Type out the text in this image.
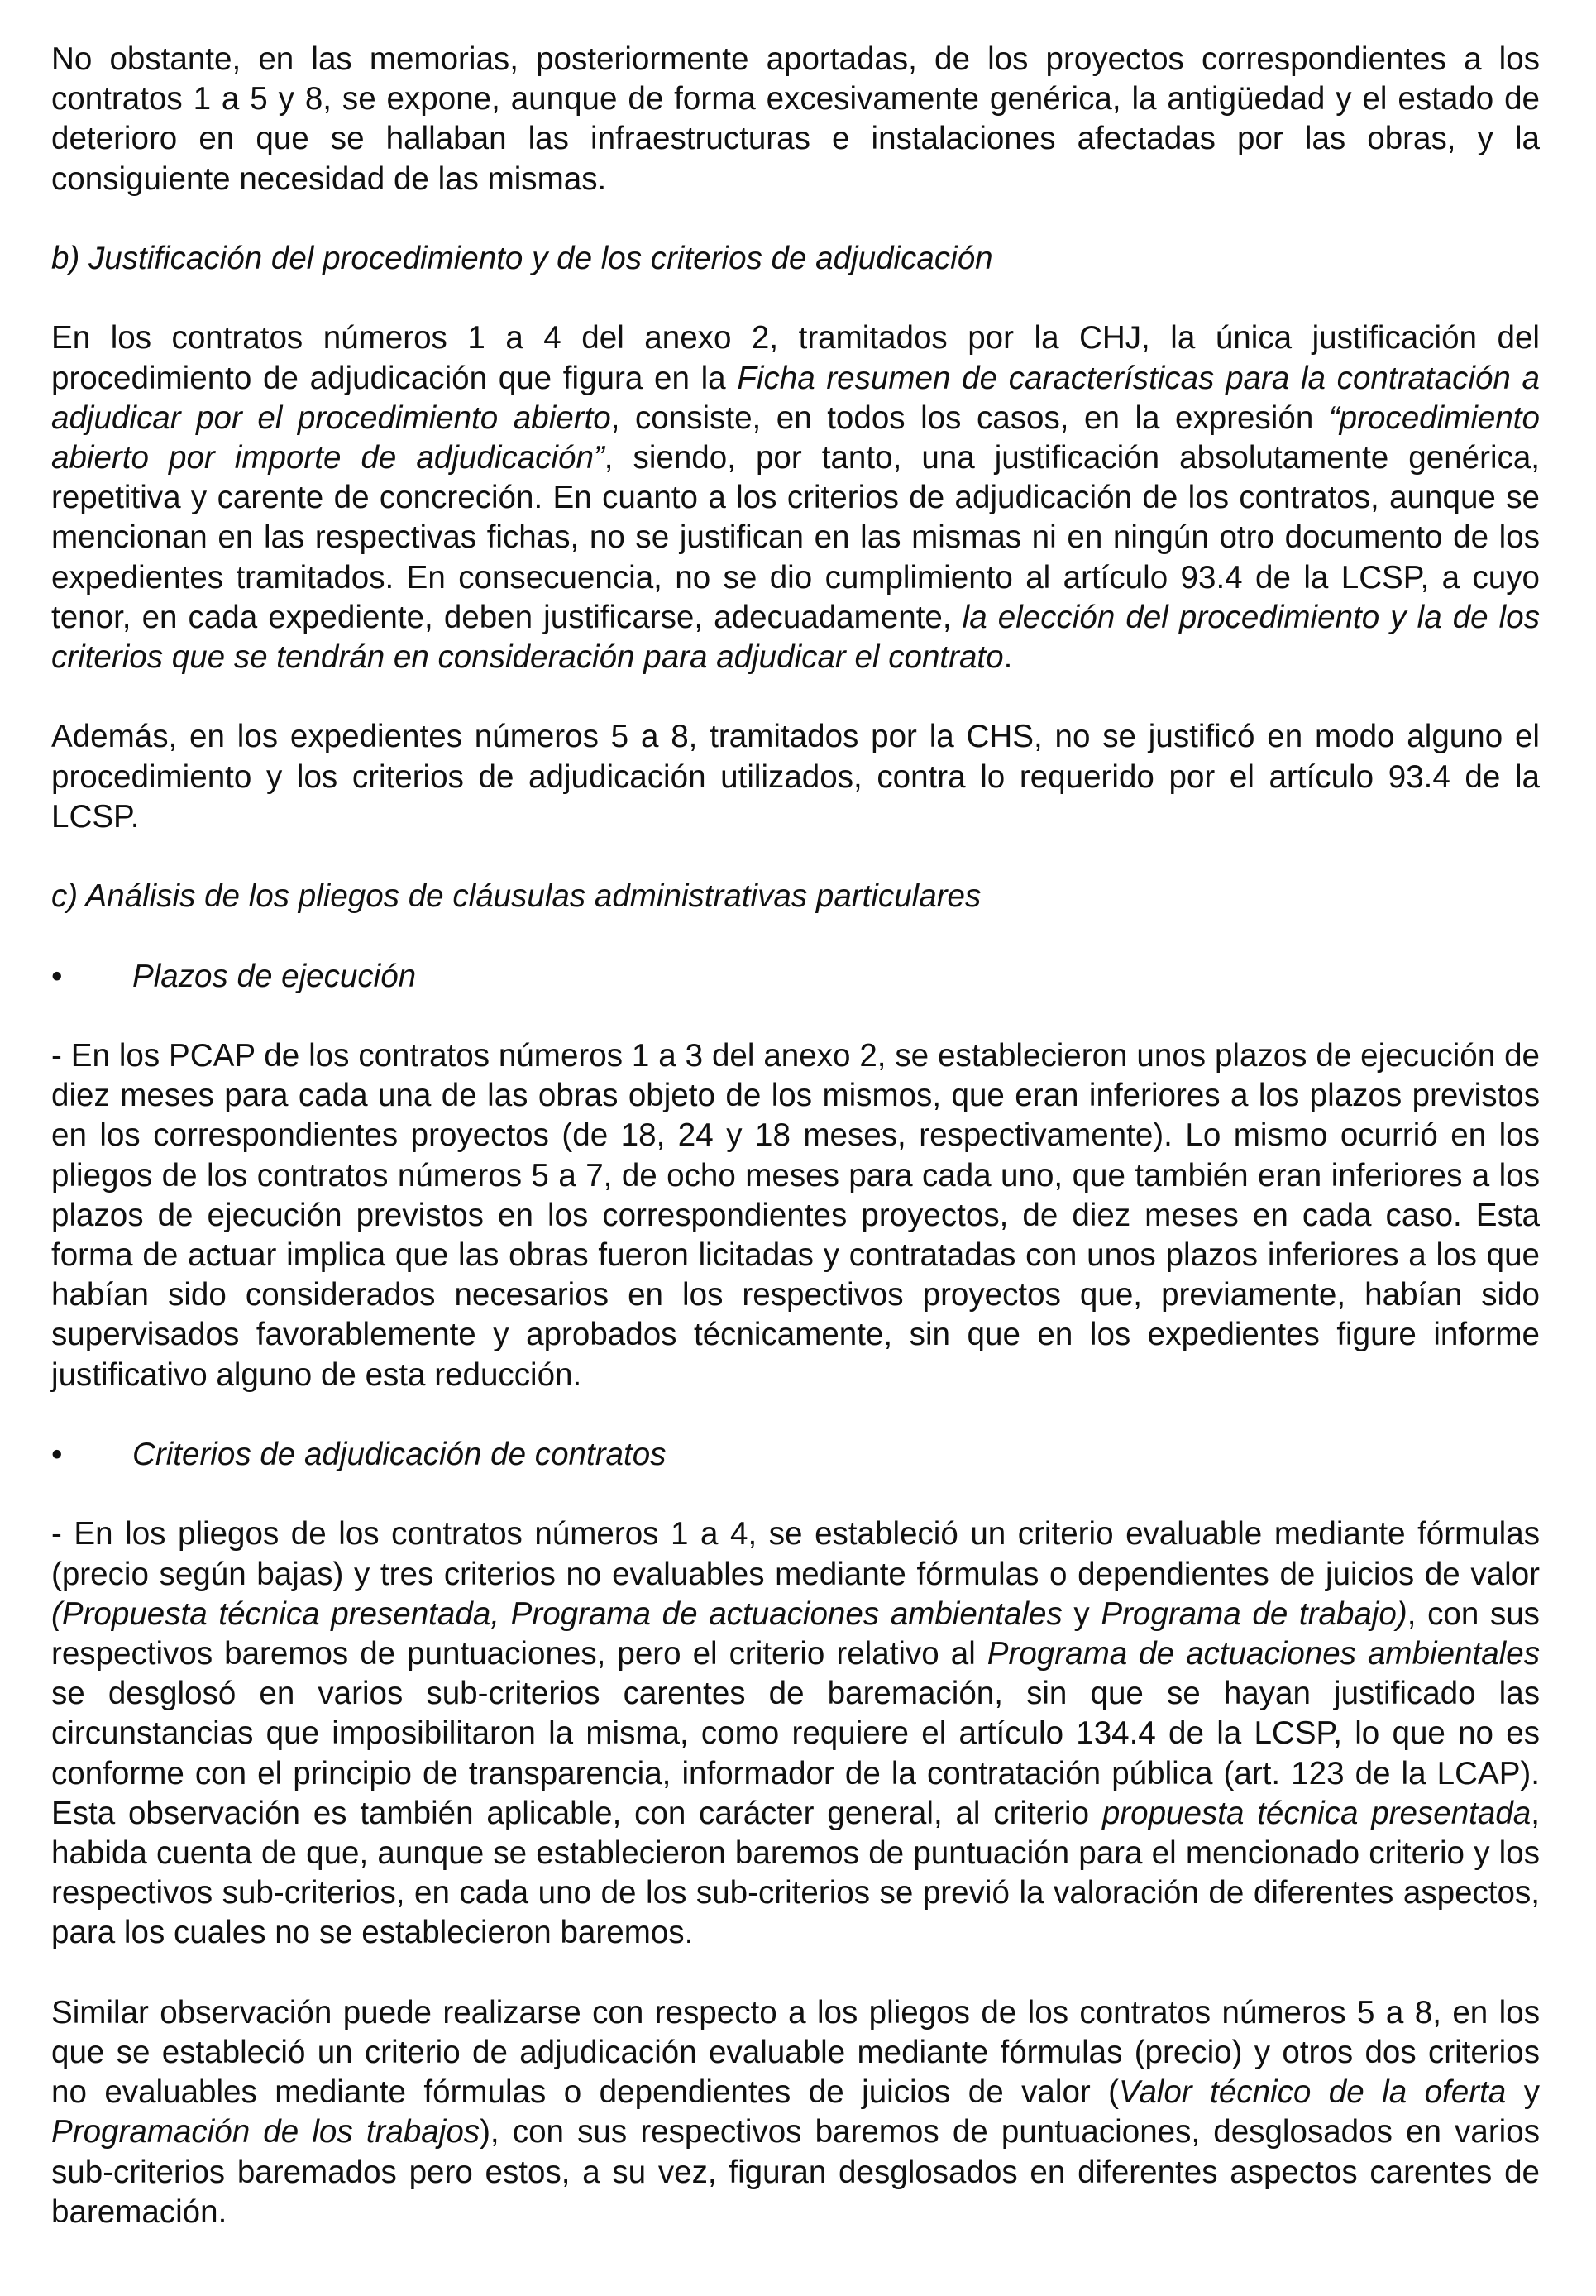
No obstante, en las memorias, posteriormente aportadas, de los proyectos correspondientes a los contratos 1 a 5 y 8, se expone, aunque de forma excesivamente genérica, la antigüedad y el estado de deterioro en que se hallaban las infraestructuras e instalaciones afectadas por las obras, y la consiguiente necesidad de las mismas.

b) Justificación del procedimiento y de los criterios de adjudicación

En los contratos números 1 a 4 del anexo 2, tramitados por la CHJ, la única justificación del procedimiento de adjudicación que figura en la Ficha resumen de características para la contratación a adjudicar por el procedimiento abierto, consiste, en todos los casos, en la expresión “procedimiento abierto por importe de adjudicación”, siendo, por tanto, una justificación absolutamente genérica, repetitiva y carente de concreción. En cuanto a los criterios de adjudicación de los contratos, aunque se mencionan en las respectivas fichas, no se justifican en las mismas ni en ningún otro documento de los expedientes tramitados. En consecuencia, no se dio cumplimiento al artículo 93.4 de la LCSP, a cuyo tenor, en cada expediente, deben justificarse, adecuadamente, la elección del procedimiento y la de los criterios que se tendrán en consideración para adjudicar el contrato.

Además, en los expedientes números 5 a 8, tramitados por la CHS, no se justificó en modo alguno el procedimiento y los criterios de adjudicación utilizados, contra lo requerido por el artículo 93.4 de la LCSP.

c) Análisis de los pliegos de cláusulas administrativas particulares

•	Plazos de ejecución

- En los PCAP de los contratos números 1 a 3 del anexo 2, se establecieron unos plazos de ejecución de diez meses para cada una de las obras objeto de los mismos, que eran inferiores a los plazos previstos en los correspondientes proyectos (de 18, 24 y 18 meses, respectivamente). Lo mismo ocurrió en los pliegos de los contratos números 5 a 7, de ocho meses para cada uno, que también eran inferiores a los plazos de ejecución previstos en los correspondientes proyectos, de diez meses en cada caso. Esta forma de actuar implica que las obras fueron licitadas y contratadas con unos plazos inferiores a los que habían sido considerados necesarios en los respectivos proyectos que, previamente, habían sido supervisados favorablemente y aprobados técnicamente, sin que en los expedientes figure informe justificativo alguno de esta reducción.

•	Criterios de adjudicación de contratos

- En los pliegos de los contratos números 1 a 4, se estableció un criterio evaluable mediante fórmulas (precio según bajas) y tres criterios no evaluables mediante fórmulas o dependientes de juicios de valor (Propuesta técnica presentada, Programa de actuaciones ambientales y Programa de trabajo), con sus respectivos baremos de puntuaciones, pero el criterio relativo al Programa de actuaciones ambientales se desglosó en varios sub-criterios carentes de baremación, sin que se hayan justificado las circunstancias que imposibilitaron la misma, como requiere el artículo 134.4 de la LCSP, lo que no es conforme con el principio de transparencia, informador de la contratación pública (art. 123 de la LCAP). Esta observación es también aplicable, con carácter general, al criterio propuesta técnica presentada, habida cuenta de que, aunque se establecieron baremos de puntuación para el mencionado criterio y los respectivos sub-criterios, en cada uno de los sub-criterios se previó la valoración de diferentes aspectos, para los cuales no se establecieron baremos.

Similar observación puede realizarse con respecto a los pliegos de los contratos números 5 a 8, en los que se estableció un criterio de adjudicación evaluable mediante fórmulas (precio) y otros dos criterios no evaluables mediante fórmulas o dependientes de juicios de valor (Valor técnico de la oferta y Programación de los trabajos), con sus respectivos baremos de puntuaciones, desglosados en varios sub-criterios baremados pero estos, a su vez, figuran desglosados en diferentes aspectos carentes de baremación.
